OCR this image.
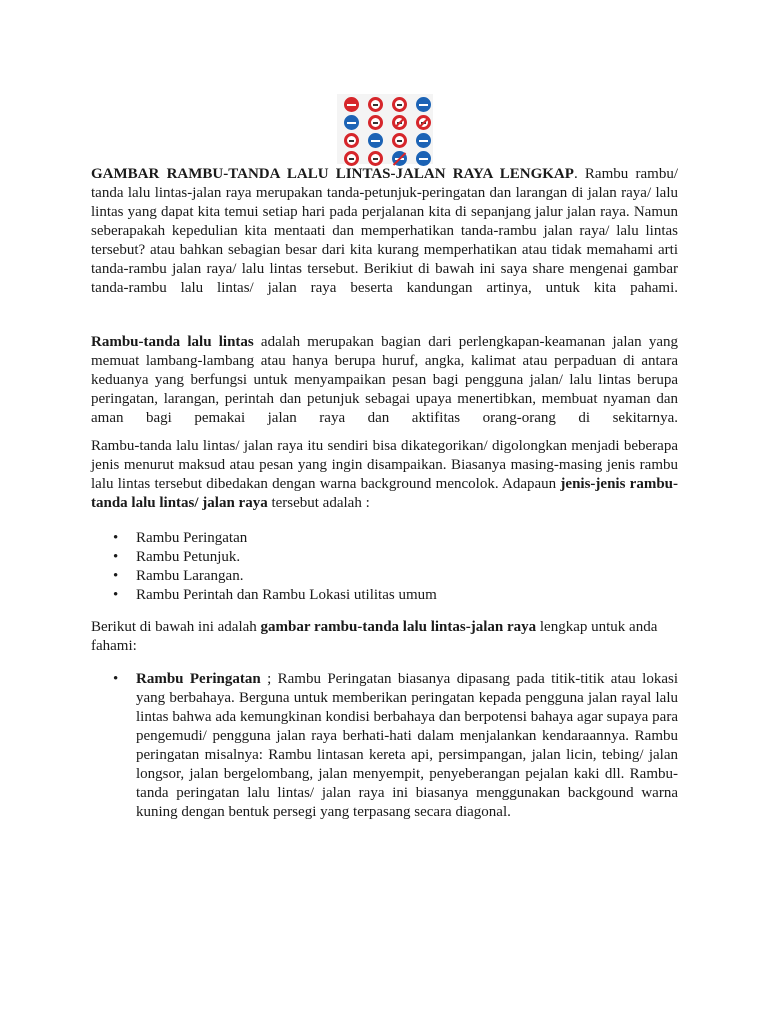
GAMBAR RAMBU-TANDA LALU LINTAS-JALAN RAYA LENGKAP. Rambu rambu/ tanda lalu lintas-jalan raya merupakan tanda-petunjuk-peringatan dan larangan di jalan raya/ lalu lintas yang dapat kita temui setiap hari pada perjalanan kita di sepanjang jalur jalan raya. Namun seberapakah kepedulian kita mentaati dan memperhatikan tanda-rambu jalan raya/ lalu lintas tersebut? atau bahkan sebagian besar dari kita kurang memperhatikan atau tidak memahami arti tanda-rambu jalan raya/ lalu lintas tersebut. Berikiut di bawah ini saya share mengenai gambar tanda-rambu lalu lintas/ jalan raya beserta kandungan artinya, untuk kita pahami.

Rambu-tanda lalu lintas adalah merupakan bagian dari perlengkapan-keamanan jalan yang memuat lambang-lambang atau hanya berupa huruf, angka, kalimat atau perpaduan di antara keduanya yang berfungsi untuk menyampaikan pesan bagi pengguna jalan/ lalu lintas berupa peringatan, larangan, perintah dan petunjuk sebagai upaya menertibkan, membuat nyaman dan aman bagi pemakai jalan raya dan aktifitas orang-orang di sekitarnya.

Rambu-tanda lalu lintas/ jalan raya itu sendiri bisa dikategorikan/ digolongkan menjadi beberapa jenis menurut maksud atau pesan yang ingin disampaikan. Biasanya masing-masing jenis rambu lalu lintas tersebut dibedakan dengan warna background mencolok. Adapaun jenis-jenis rambu-tanda lalu lintas/ jalan raya tersebut adalah :

• Rambu Peringatan
• Rambu Petunjuk.
• Rambu Larangan.
• Rambu Perintah dan Rambu Lokasi utilitas umum

Berikut di bawah ini adalah gambar rambu-tanda lalu lintas-jalan raya lengkap untuk anda fahami:

• Rambu Peringatan ; Rambu Peringatan biasanya dipasang pada titik-titik atau lokasi yang berbahaya. Berguna untuk memberikan peringatan kepada pengguna jalan rayal lalu lintas bahwa ada kemungkinan kondisi berbahaya dan berpotensi bahaya agar supaya para pengemudi/ pengguna jalan raya berhati-hati dalam menjalankan kendaraannya. Rambu peringatan misalnya: Rambu lintasan kereta api, persimpangan, jalan licin, tebing/ jalan longsor, jalan bergelombang, jalan menyempit, penyeberangan pejalan kaki dll. Rambu-tanda peringatan lalu lintas/ jalan raya ini biasanya menggunakan backgound warna kuning dengan bentuk persegi yang terpasang secara diagonal.
